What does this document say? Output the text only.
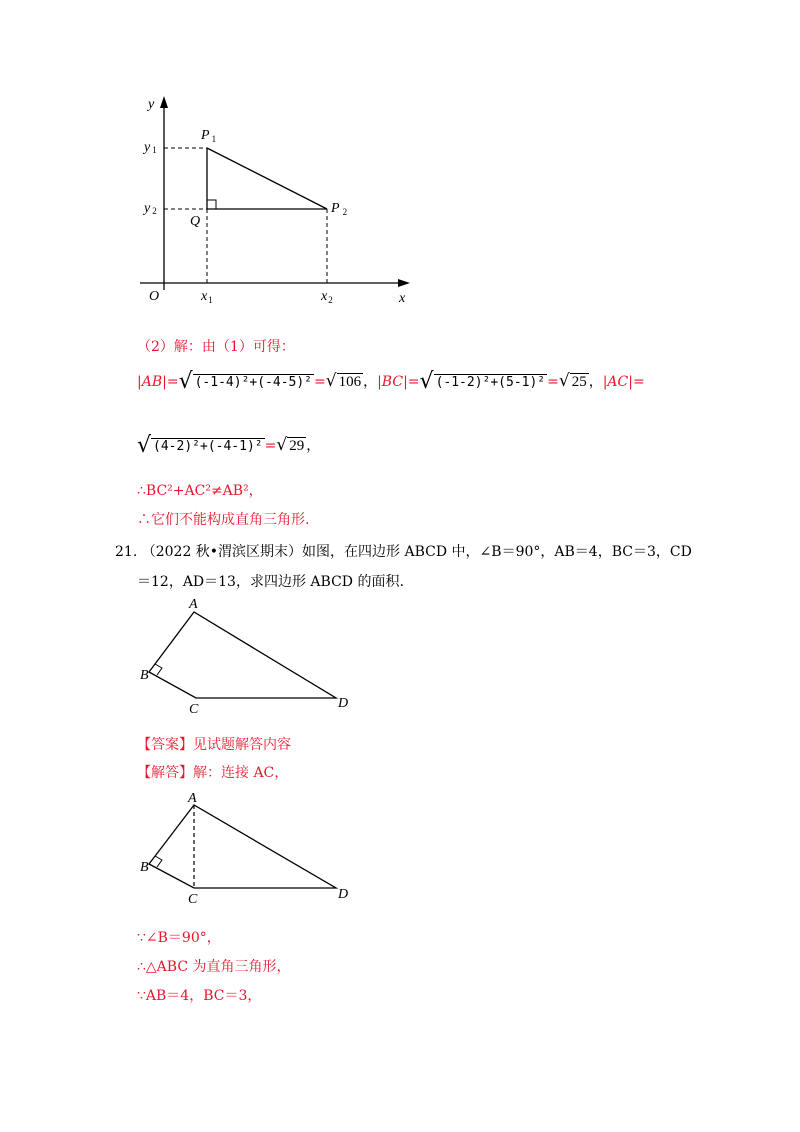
y
x
O
y 1
y 2
$x_1$	$x_2$
P $_1$
P $_2$
Q
（2）解：由（1）可得：
|AB|=√ (-1-4)²+(-4-5)² =√ 106 ，|BC|=√ (-1-2)²+(5-1)² =√ 25 ，|AC|=
√ (4-2)²+(-4-1)² =√ 29 ，
∴BC²+AC²≠AB²，
∴它们不能构成直角三角形.
21. （2022 秋•渭滨区期末）如图，在四边形 ABCD 中，∠B＝90°，AB＝4，BC＝3，CD
＝12，AD＝13，求四边形 ABCD 的面积.
A
B
C	D
【答案】见试题解答内容
【解答】解：连接 AC，
A
B
C	D
∵∠B＝90°，
∴△ABC 为直角三角形，
∵AB＝4，BC＝3，
